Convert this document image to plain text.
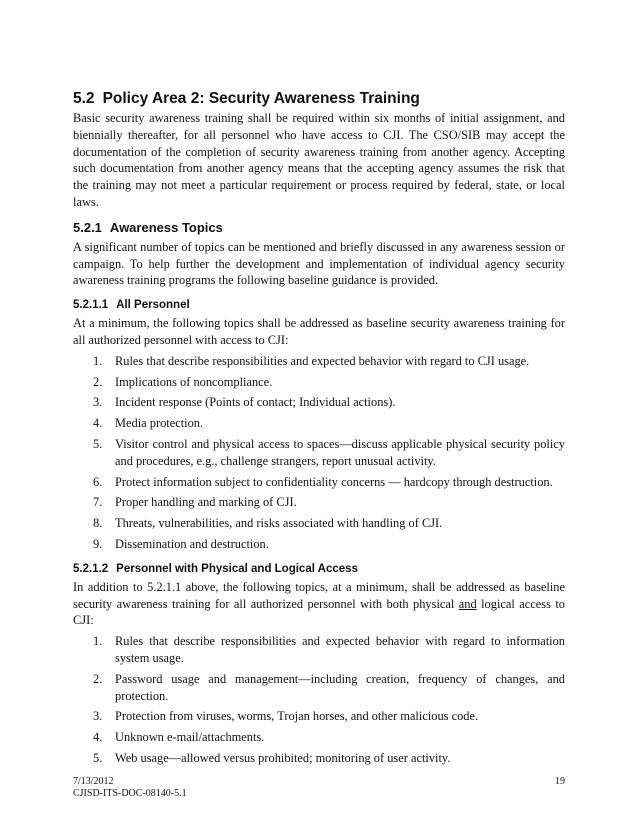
5.2 Policy Area 2: Security Awareness Training

Basic security awareness training shall be required within six months of initial assignment, and biennially thereafter, for all personnel who have access to CJI. The CSO/SIB may accept the documentation of the completion of security awareness training from another agency. Accepting such documentation from another agency means that the accepting agency assumes the risk that the training may not meet a particular requirement or process required by federal, state, or local laws.

5.2.1 Awareness Topics

A significant number of topics can be mentioned and briefly discussed in any awareness session or campaign. To help further the development and implementation of individual agency security awareness training programs the following baseline guidance is provided.

5.2.1.1 All Personnel

At a minimum, the following topics shall be addressed as baseline security awareness training for all authorized personnel with access to CJI:

1.	Rules that describe responsibilities and expected behavior with regard to CJI usage.
2.	Implications of noncompliance.
3.	Incident response (Points of contact; Individual actions).
4.	Media protection.
5.	Visitor control and physical access to spaces—discuss applicable physical security policy and procedures, e.g., challenge strangers, report unusual activity.
6.	Protect information subject to confidentiality concerns — hardcopy through destruction.
7.	Proper handling and marking of CJI.
8.	Threats, vulnerabilities, and risks associated with handling of CJI.
9.	Dissemination and destruction.
5.2.1.2 Personnel with Physical and Logical Access

In addition to 5.2.1.1 above, the following topics, at a minimum, shall be addressed as baseline security awareness training for all authorized personnel with both physical and logical access to CJI:

1.	Rules that describe responsibilities and expected behavior with regard to information system usage.
2.	Password usage and management—including creation, frequency of changes, and protection.
3.	Protection from viruses, worms, Trojan horses, and other malicious code.
4.	Unknown e-mail/attachments.
5.	Web usage—allowed versus prohibited; monitoring of user activity.
7/13/2012	19
CJISD-ITS-DOC-08140-5.1
